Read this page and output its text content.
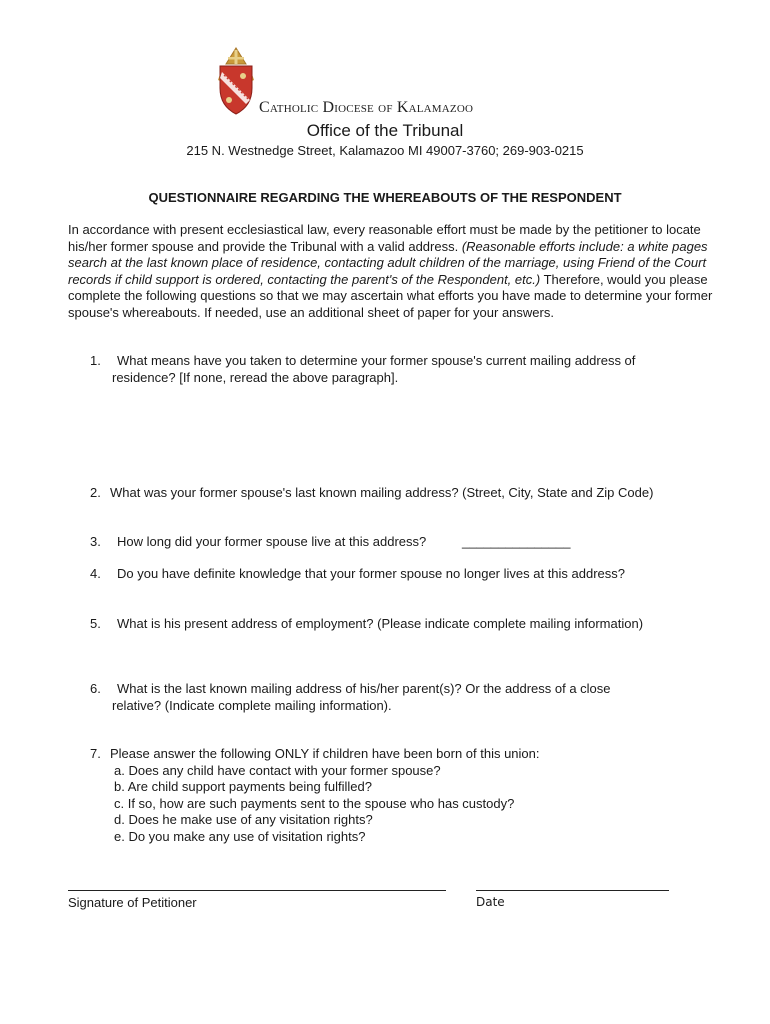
Catholic Diocese of Kalamazoo
Office of the Tribunal
215 N. Westnedge Street, Kalamazoo MI 49007-3760; 269-903-0215
QUESTIONNAIRE REGARDING THE WHEREABOUTS OF THE RESPONDENT
In accordance with present ecclesiastical law, every reasonable effort must be made by the petitioner to locate his/her former spouse and provide the Tribunal with a valid address. (Reasonable efforts include: a white pages search at the last known place of residence, contacting adult children of the marriage, using Friend of the Court records if child support is ordered, contacting the parent's of the Respondent, etc.) Therefore, would you please complete the following questions so that we may ascertain what efforts you have made to determine your former spouse's whereabouts. If needed, use an additional sheet of paper for your answers.
1. What means have you taken to determine your former spouse's current mailing address of
residence? [If none, reread the above paragraph].
2. What was your former spouse's last known mailing address? (Street, City, State and Zip Code)
3. How long did your former spouse live at this address?	_______________
4. Do you have definite knowledge that your former spouse no longer lives at this address?
5. What is his present address of employment? (Please indicate complete mailing information)
6. What is the last known mailing address of his/her parent(s)? Or the address of a close
relative? (Indicate complete mailing information).
7. Please answer the following ONLY if children have been born of this union:
a. Does any child have contact with your former spouse?
b. Are child support payments being fulfilled?
c. If so, how are such payments sent to the spouse who has custody?
d. Does he make use of any visitation rights?
e. Do you make any use of visitation rights?
Signature of Petitioner	Date
